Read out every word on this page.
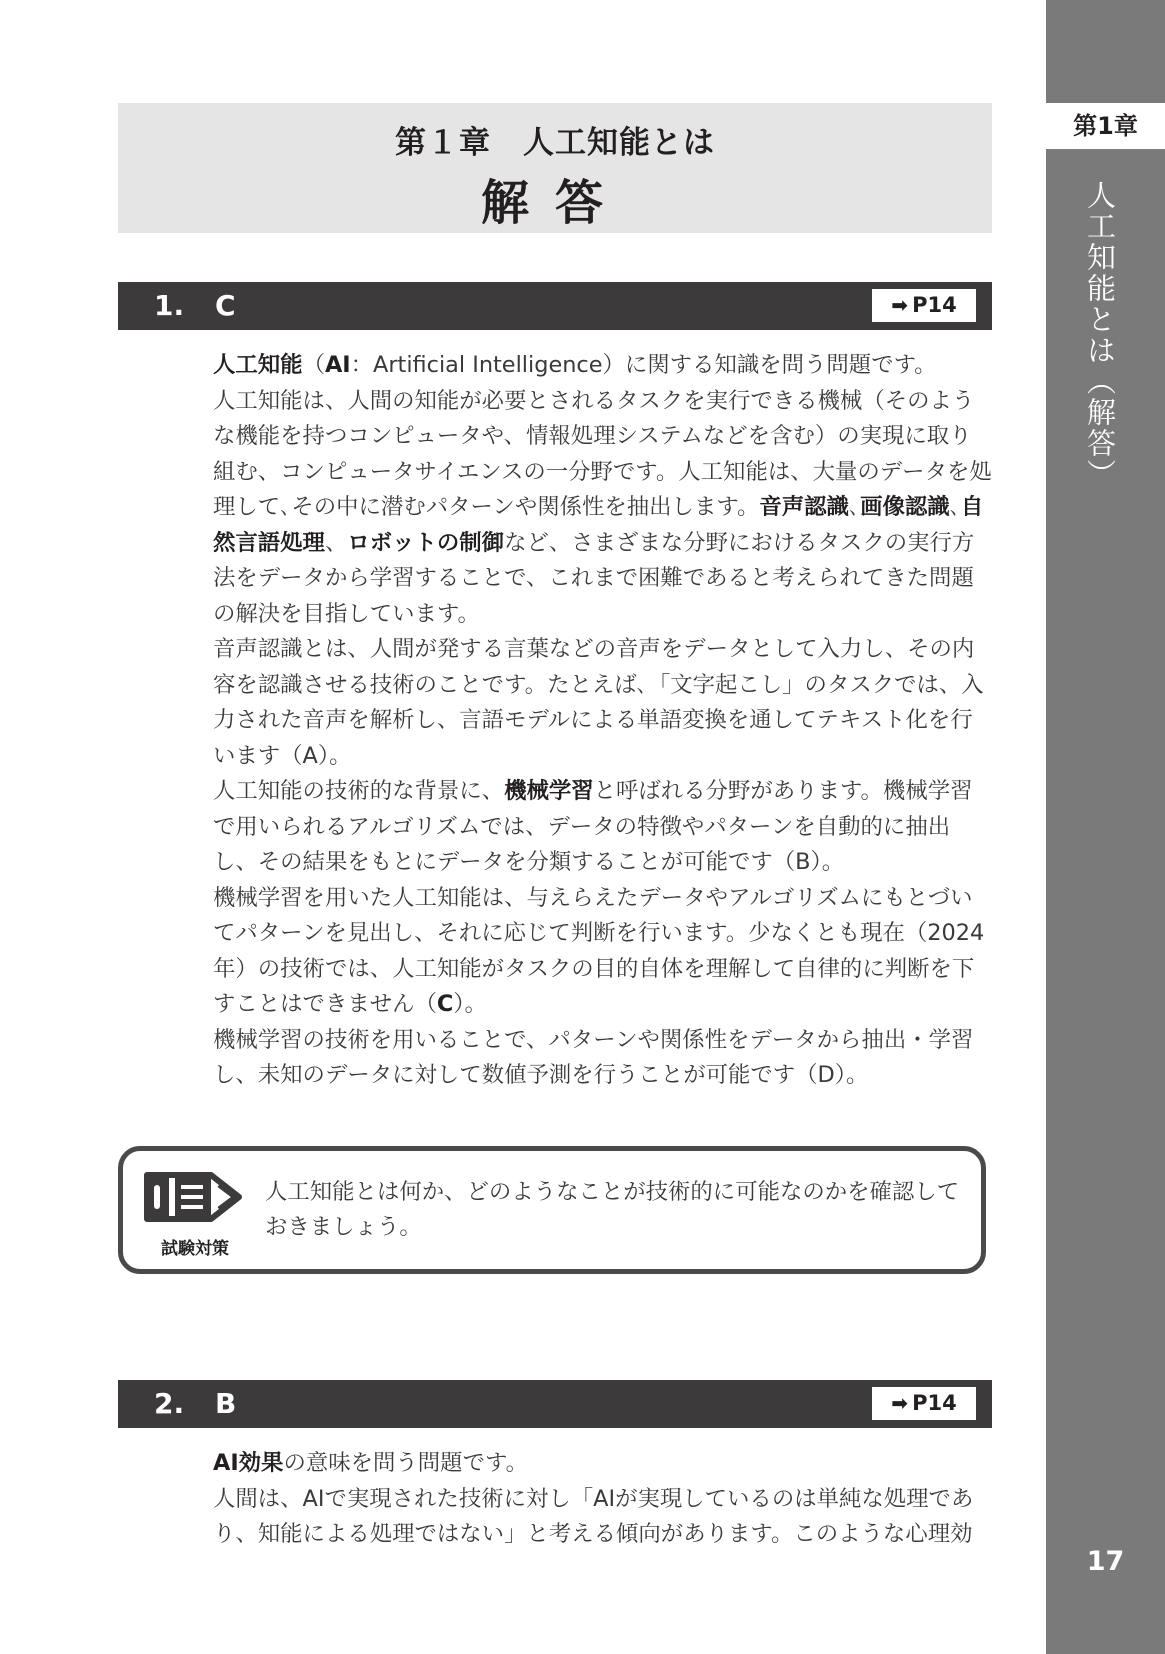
第1章
人工知能とは（解答）
17
第１章　人工知能とは
解答
1. C	➡ P14

人工知能（AI：Artificial Intelligence）に関する知識を問う問題です。

人工知能は、人間の知能が必要とされるタスクを実行できる機械（そのような機能を持つコンピュータや、情報処理システムなどを含む）の実現に取り組む、コンピュータサイエンスの一分野です。人工知能は、大量のデータを処理して､その中に潜むパターンや関係性を抽出します。音声認識､画像認識､自然言語処理、ロボットの制御など、さまざまな分野におけるタスクの実行方法をデータから学習することで、これまで困難であると考えられてきた問題の解決を目指しています。

音声認識とは、人間が発する言葉などの音声をデータとして入力し、その内容を認識させる技術のことです。たとえば､「文字起こし」のタスクでは、入力された音声を解析し、言語モデルによる単語変換を通してテキスト化を行います（A）。

人工知能の技術的な背景に、機械学習と呼ばれる分野があります。機械学習で用いられるアルゴリズムでは、データの特徴やパターンを自動的に抽出し、その結果をもとにデータを分類することが可能です（B）。

機械学習を用いた人工知能は、与えらえたデータやアルゴリズムにもとづいてパターンを見出し、それに応じて判断を行います。少なくとも現在（2024年）の技術では、人工知能がタスクの目的自体を理解して自律的に判断を下すことはできません（C）。

機械学習の技術を用いることで、パターンや関係性をデータから抽出・学習し、未知のデータに対して数値予測を行うことが可能です（D）。

試験対策
人工知能とは何か、どのようなことが技術的に可能なのかを確認しておきましょう。
2. B	➡ P14

AI効果の意味を問う問題です。

人間は、AIで実現された技術に対し「AIが実現しているのは単純な処理であり、知能による処理ではない」と考える傾向があります。このような心理効
